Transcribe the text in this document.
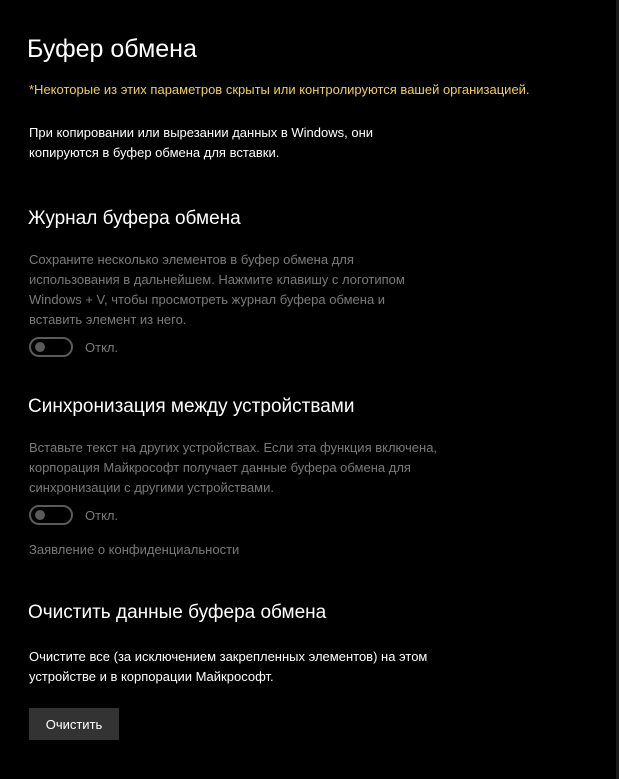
Буфер обмена
*Некоторые из этих параметров скрыты или контролируются вашей организацией.
При копировании или вырезании данных в Windows, они
копируются в буфер обмена для вставки.
Журнал буфера обмена
Сохраните несколько элементов в буфер обмена для
использования в дальнейшем. Нажмите клавишу с логотипом
Windows + V, чтобы просмотреть журнал буфера обмена и
вставить элемент из него.
Откл.
Синхронизация между устройствами
Вставьте текст на других устройствах. Если эта функция включена,
корпорация Майкрософт получает данные буфера обмена для
синхронизации с другими устройствами.
Откл.
Заявление о конфиденциальности
Очистить данные буфера обмена
Очистите все (за исключением закрепленных элементов) на этом
устройстве и в корпорации Майкрософт.
Очистить
